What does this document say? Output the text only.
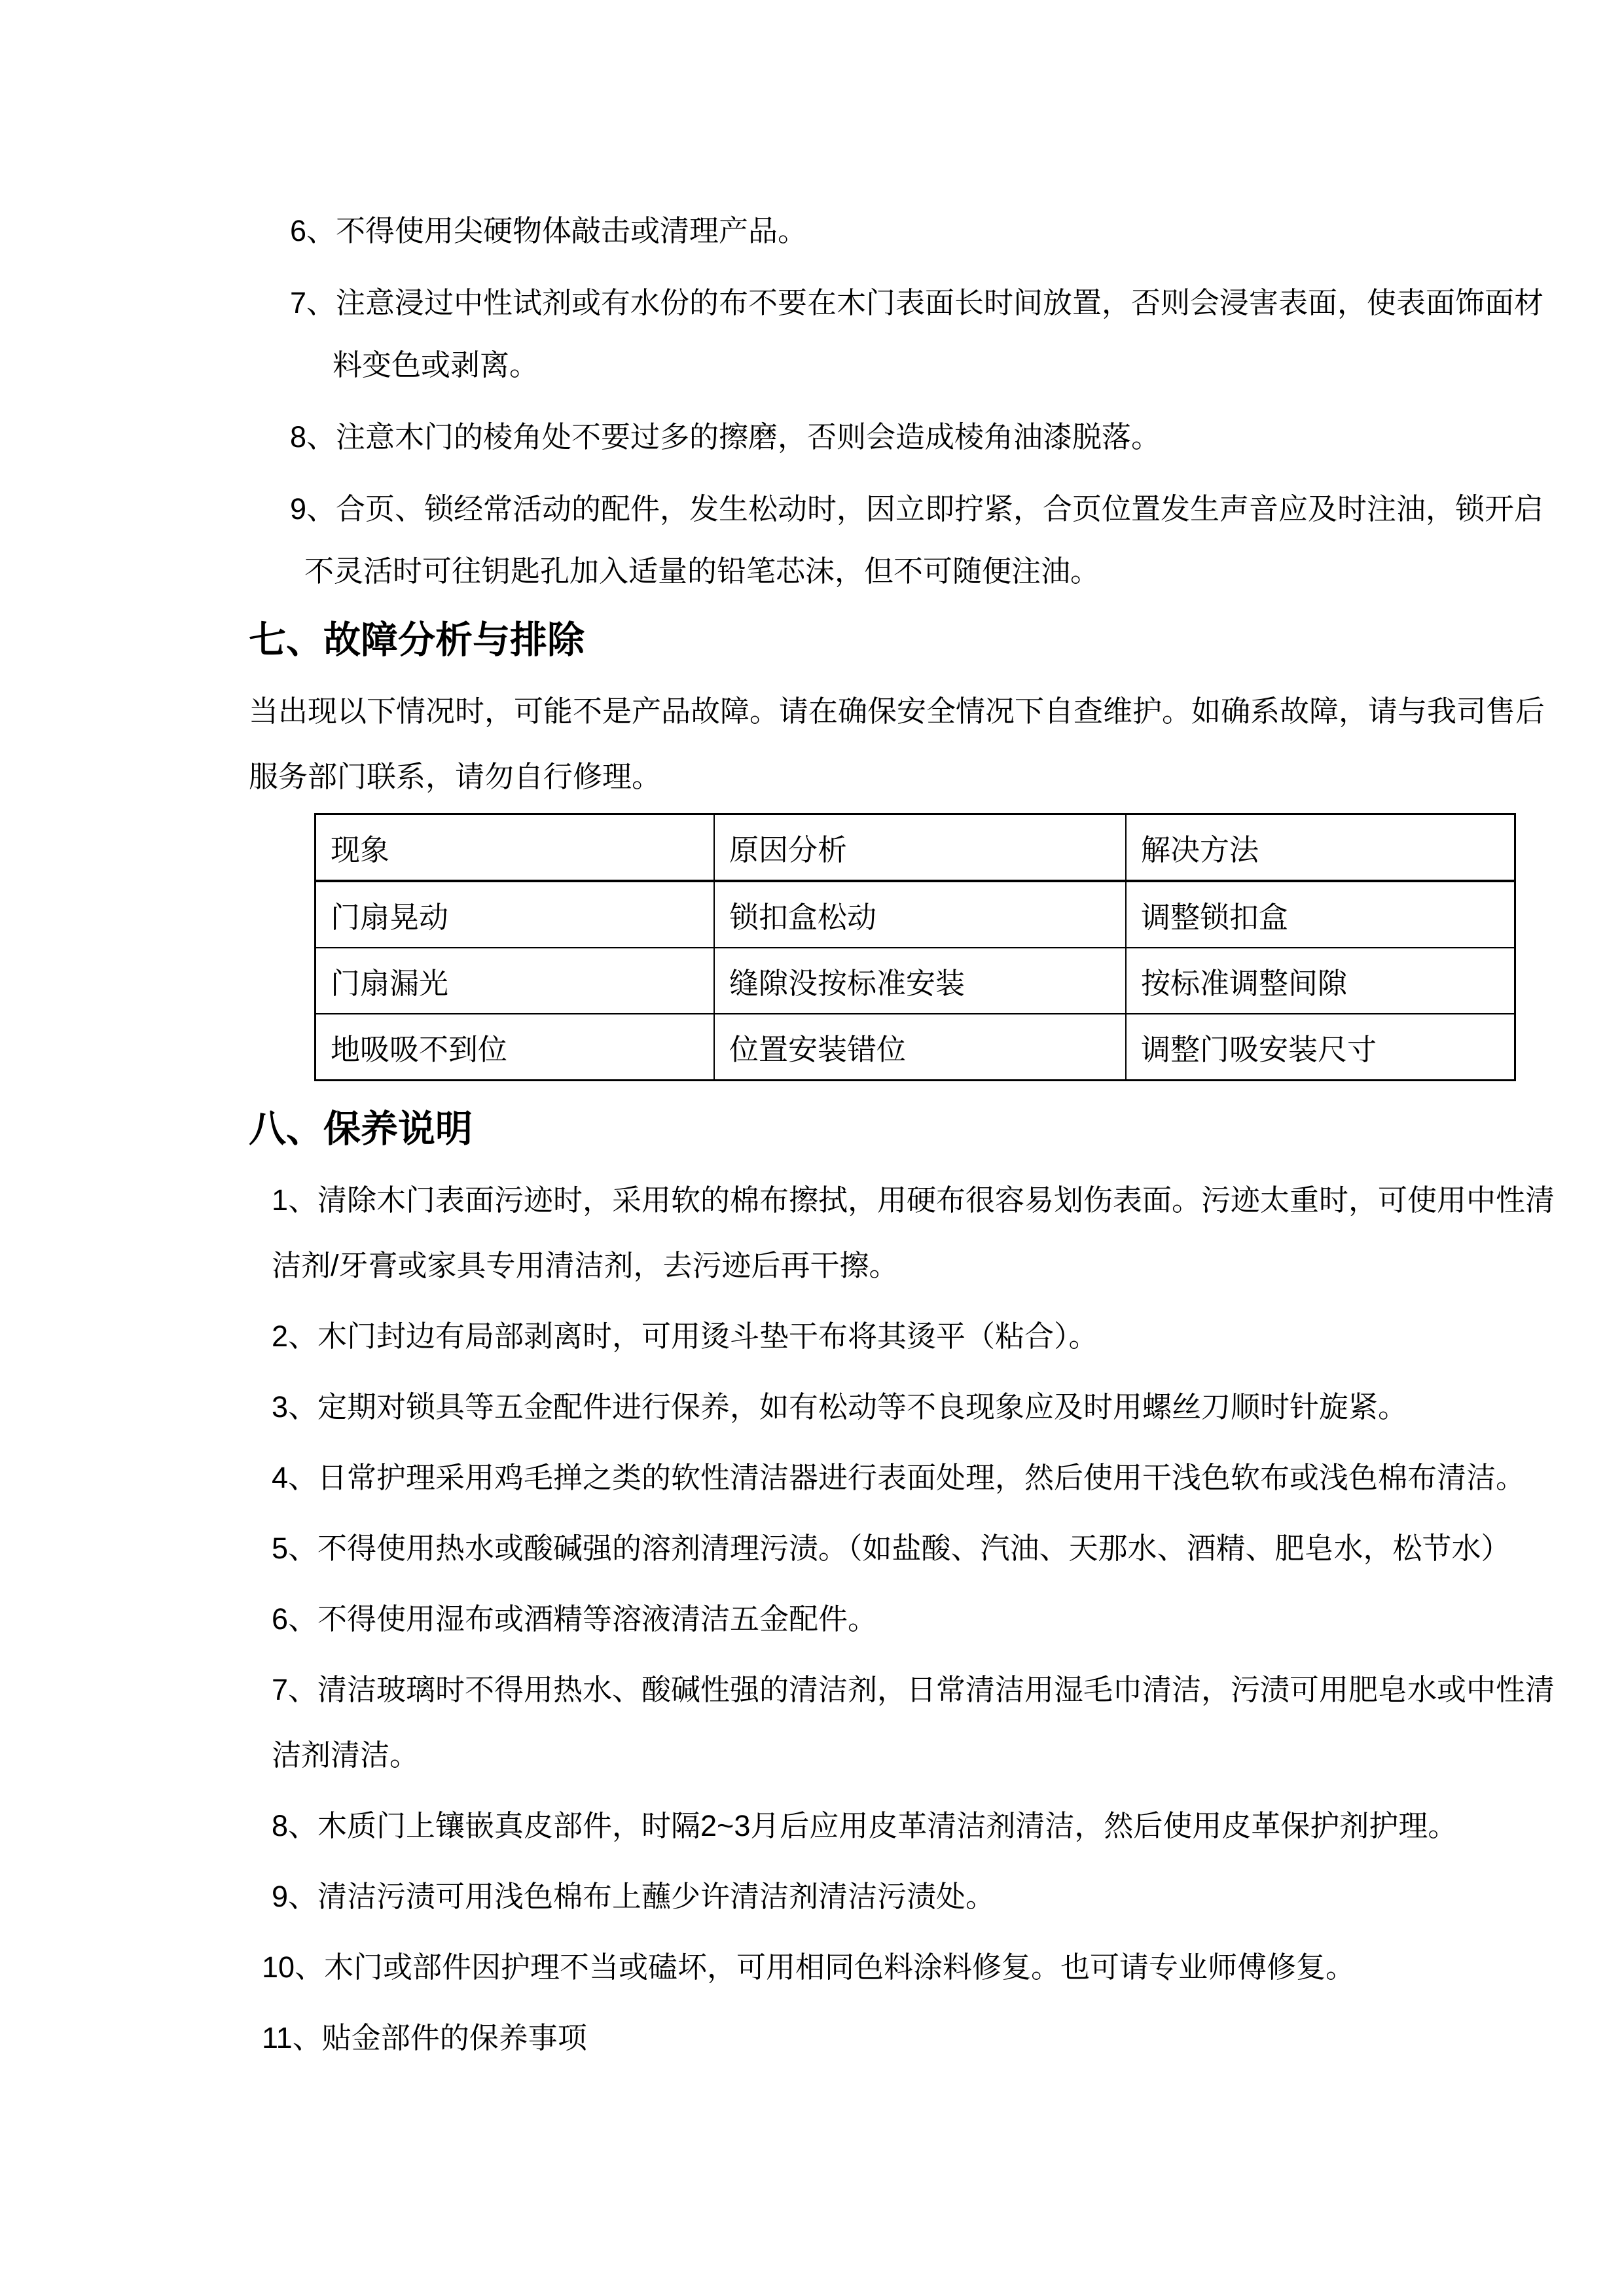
6、不得使用尖硬物体敲击或清理产品。
7、注意浸过中性试剂或有水份的布不要在木门表面长时间放置，否则会浸害表面，使表面饰面材
料变色或剥离。
8、注意木门的棱角处不要过多的擦磨，否则会造成棱角油漆脱落。
9、合页、锁经常活动的配件，发生松动时，因立即拧紧，合页位置发生声音应及时注油，锁开启
不灵活时可往钥匙孔加入适量的铅笔芯沫，但不可随便注油。
七、故障分析与排除
当出现以下情况时，可能不是产品故障。请在确保安全情况下自查维护。如确系故障，请与我司售后
服务部门联系，请勿自行修理。
现象	原因分析	解决方法
门扇晃动	锁扣盒松动	调整锁扣盒
门扇漏光	缝隙没按标准安装	按标准调整间隙
地吸吸不到位	位置安装错位	调整门吸安装尺寸
八、保养说明
1、清除木门表面污迹时，采用软的棉布擦拭，用硬布很容易划伤表面。污迹太重时，可使用中性清
洁剂/牙膏或家具专用清洁剂，去污迹后再干擦。
2、木门封边有局部剥离时，可用烫斗垫干布将其烫平（粘合）。
3、定期对锁具等五金配件进行保养，如有松动等不良现象应及时用螺丝刀顺时针旋紧。
4、日常护理采用鸡毛掸之类的软性清洁器进行表面处理，然后使用干浅色软布或浅色棉布清洁。
5、不得使用热水或酸碱强的溶剂清理污渍。（如盐酸、汽油、天那水、酒精、肥皂水，松节水）
6、不得使用湿布或酒精等溶液清洁五金配件。
7、清洁玻璃时不得用热水、酸碱性强的清洁剂，日常清洁用湿毛巾清洁，污渍可用肥皂水或中性清
洁剂清洁。
8、木质门上镶嵌真皮部件，时隔2~3月后应用皮革清洁剂清洁，然后使用皮革保护剂护理。
9、清洁污渍可用浅色棉布上蘸少许清洁剂清洁污渍处。
10、木门或部件因护理不当或磕坏，可用相同色料涂料修复。也可请专业师傅修复。
11、贴金部件的保养事项
